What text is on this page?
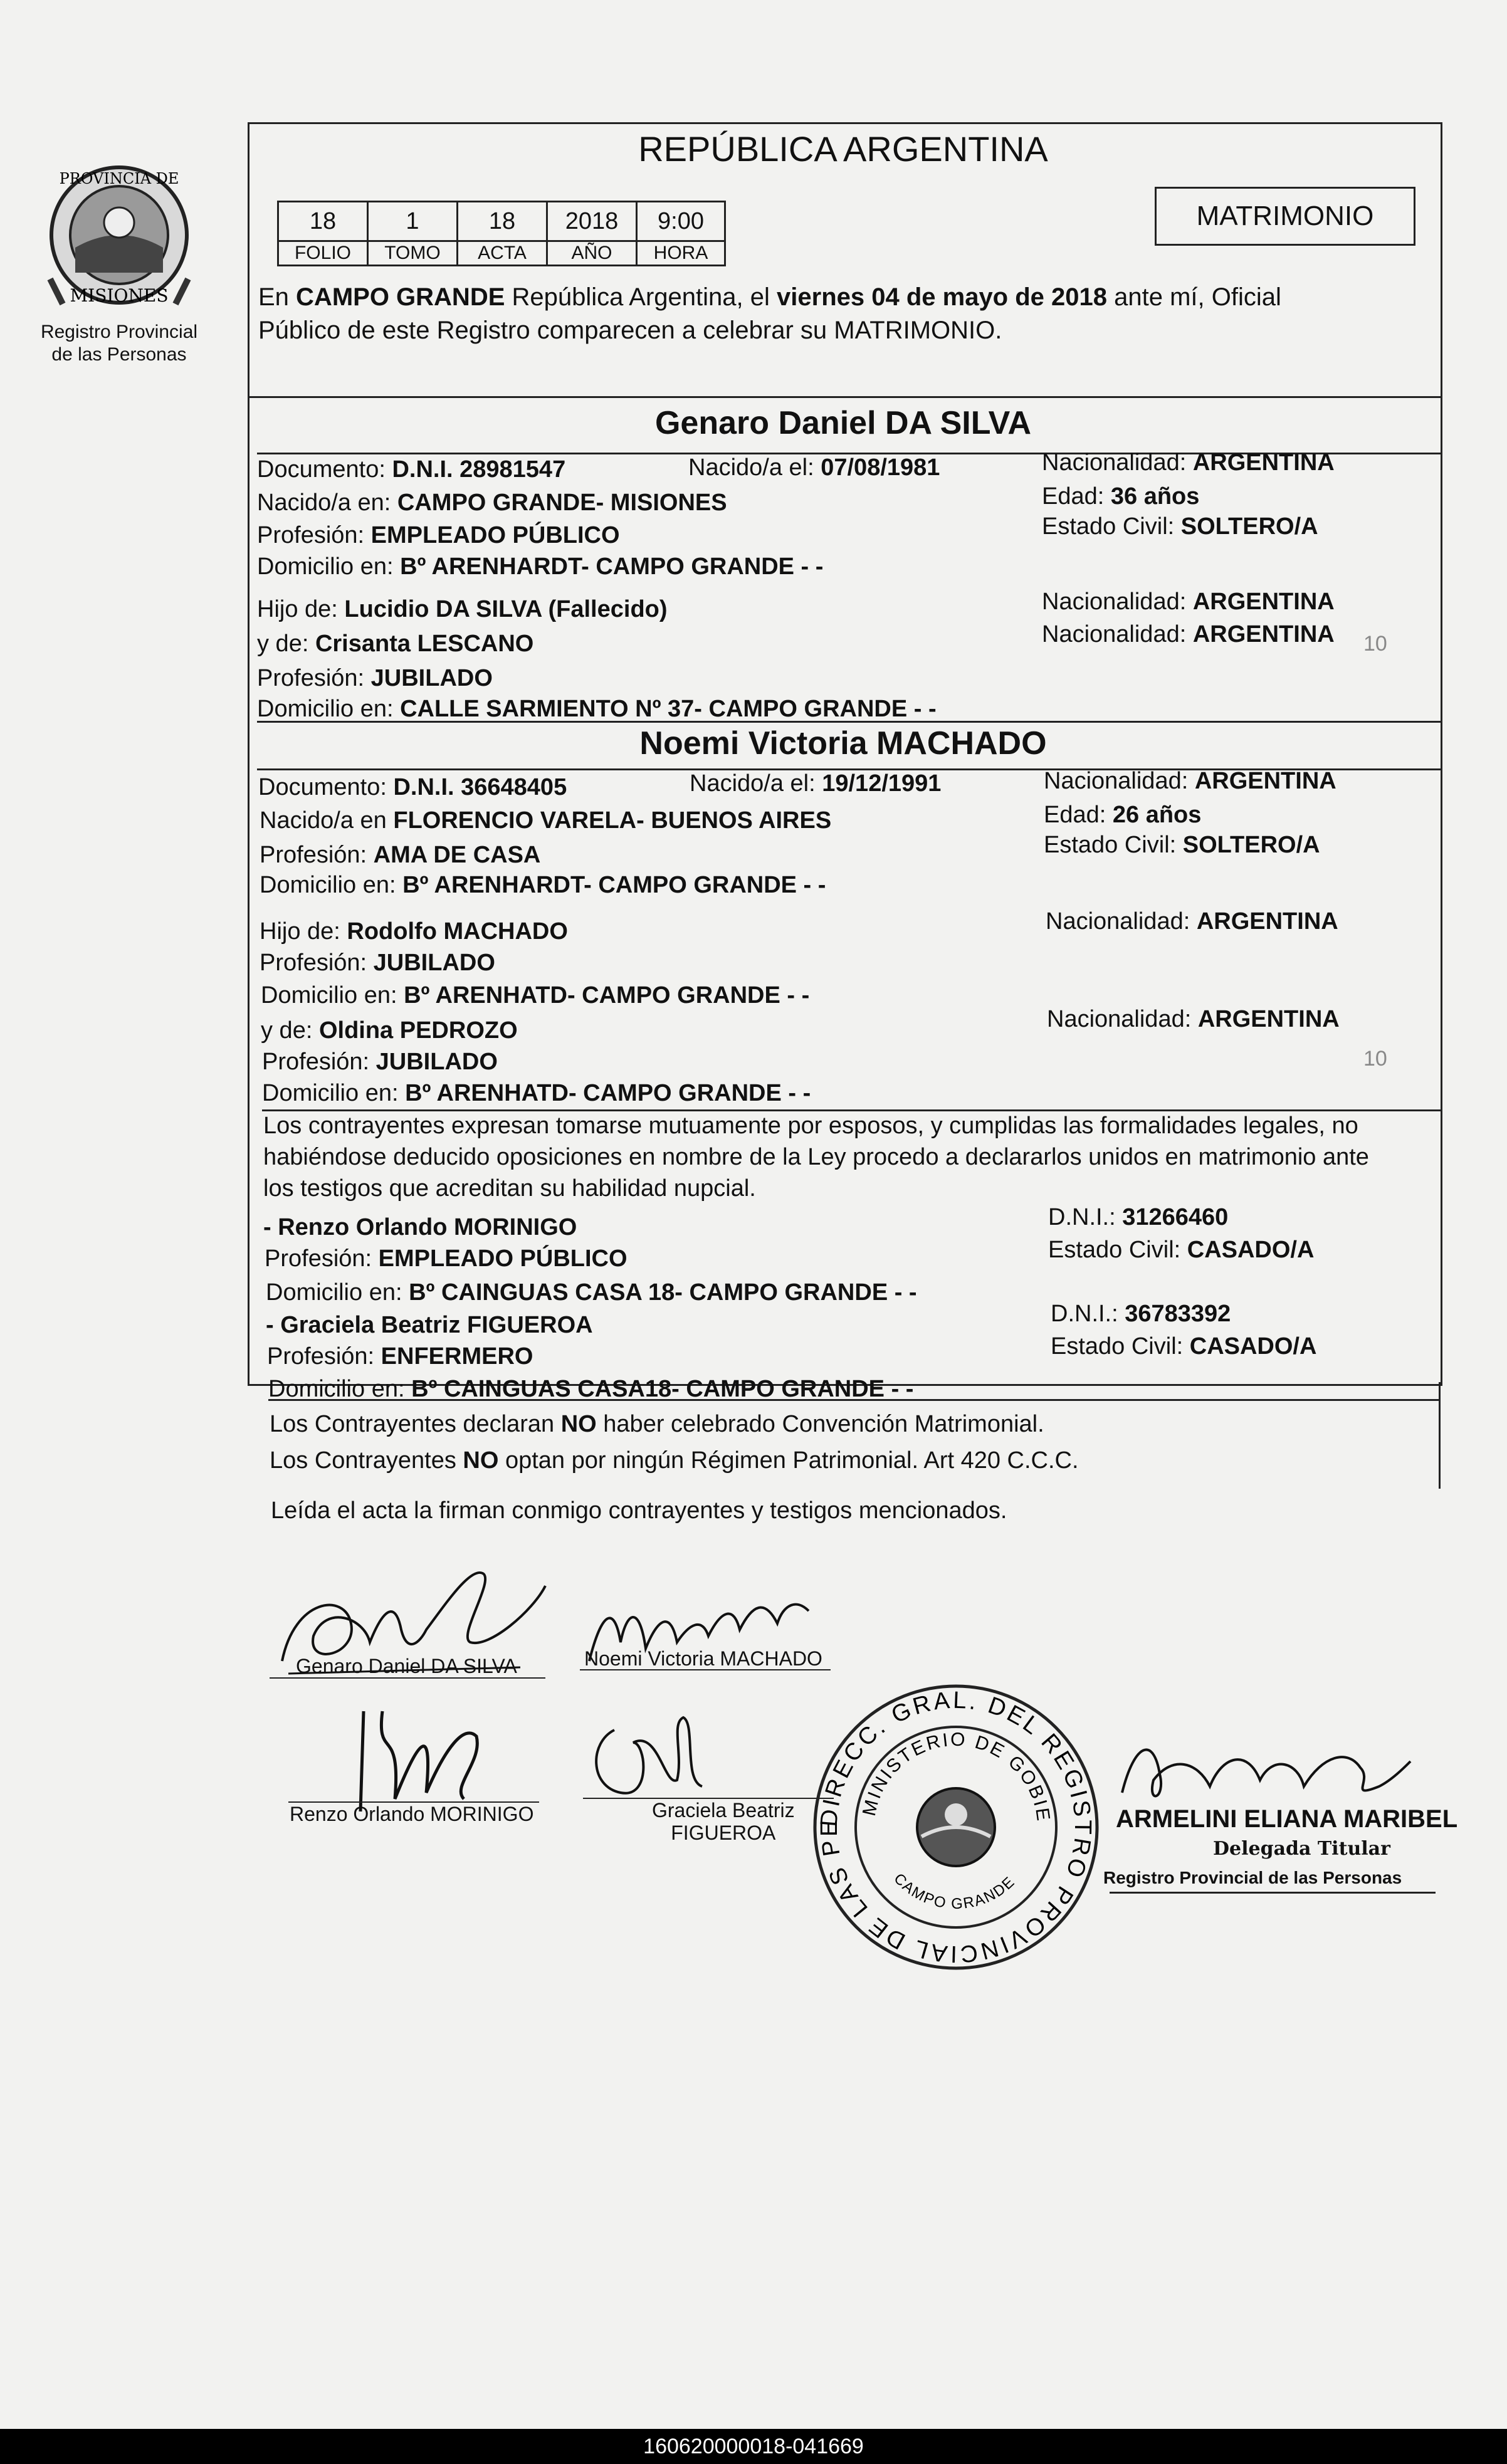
PROVINCIA DE
MISIONES
Registro Provincial
de las Personas
REPÚBLICA ARGENTINA
18	1	18	2018	9:00
FOLIO	TOMO	ACTA	AÑO	HORA
MATRIMONIO
En CAMPO GRANDE República Argentina, el viernes 04 de mayo de 2018 ante mí, Oficial
Público de este Registro comparecen a celebrar su MATRIMONIO.
Genaro Daniel DA SILVA
Documento: D.N.I. 28981547	Nacido/a el: 07/08/1981	Nacionalidad: ARGENTINA
Nacido/a en: CAMPO GRANDE- MISIONES	Edad: 36 años
Profesión: EMPLEADO PÚBLICO	Estado Civil: SOLTERO/A
Domicilio en: Bº ARENHARDT- CAMPO GRANDE - -
Hijo de: Lucidio DA SILVA (Fallecido)	Nacionalidad: ARGENTINA
y de: Crisanta LESCANO	Nacionalidad: ARGENTINA
Profesión: JUBILADO
Domicilio en: CALLE SARMIENTO Nº 37- CAMPO GRANDE - -
Noemi Victoria MACHADO
Documento: D.N.I. 36648405	Nacido/a el: 19/12/1991	Nacionalidad: ARGENTINA
Nacido/a en FLORENCIO VARELA- BUENOS AIRES	Edad: 26 años
Profesión: AMA DE CASA	Estado Civil: SOLTERO/A
Domicilio en: Bº ARENHARDT- CAMPO GRANDE - -
Hijo de: Rodolfo MACHADO	Nacionalidad: ARGENTINA
Profesión: JUBILADO
Domicilio en: Bº ARENHATD- CAMPO GRANDE - -
y de: Oldina PEDROZO	Nacionalidad: ARGENTINA
Profesión: JUBILADO
Domicilio en: Bº ARENHATD- CAMPO GRANDE - -
Los contrayentes expresan tomarse mutuamente por esposos, y cumplidas las formalidades legales, no
habiéndose deducido oposiciones en nombre de la Ley procedo a declararlos unidos en matrimonio ante
los testigos que acreditan su habilidad nupcial.
- Renzo Orlando MORINIGO	D.N.I.: 31266460
Profesión: EMPLEADO PÚBLICO	Estado Civil: CASADO/A
Domicilio en: Bº CAINGUAS CASA 18- CAMPO GRANDE - -
- Graciela Beatriz FIGUEROA	D.N.I.: 36783392
Profesión: ENFERMERO	Estado Civil: CASADO/A
Domicilio en: Bº CAINGUAS CASA18- CAMPO GRANDE - -
Los Contrayentes declaran NO haber celebrado Convención Matrimonial.
Los Contrayentes NO optan por ningún Régimen Patrimonial. Art 420 C.C.C.
Leída el acta la firman conmigo contrayentes y testigos mencionados.
Genaro Daniel DA SILVA	Noemi Victoria MACHADO
Renzo Orlando MORINIGO	Graciela Beatriz
FIGUEROA
DIRECC. GRAL. DEL REGISTRO PROVINCIAL DE LAS PE
MINISTERIO DE GOBIE
CAMPO GRANDE
ARMELINI ELIANA MARIBEL
Delegada Titular
Registro Provincial de las Personas
10
10
160620000018-041669
